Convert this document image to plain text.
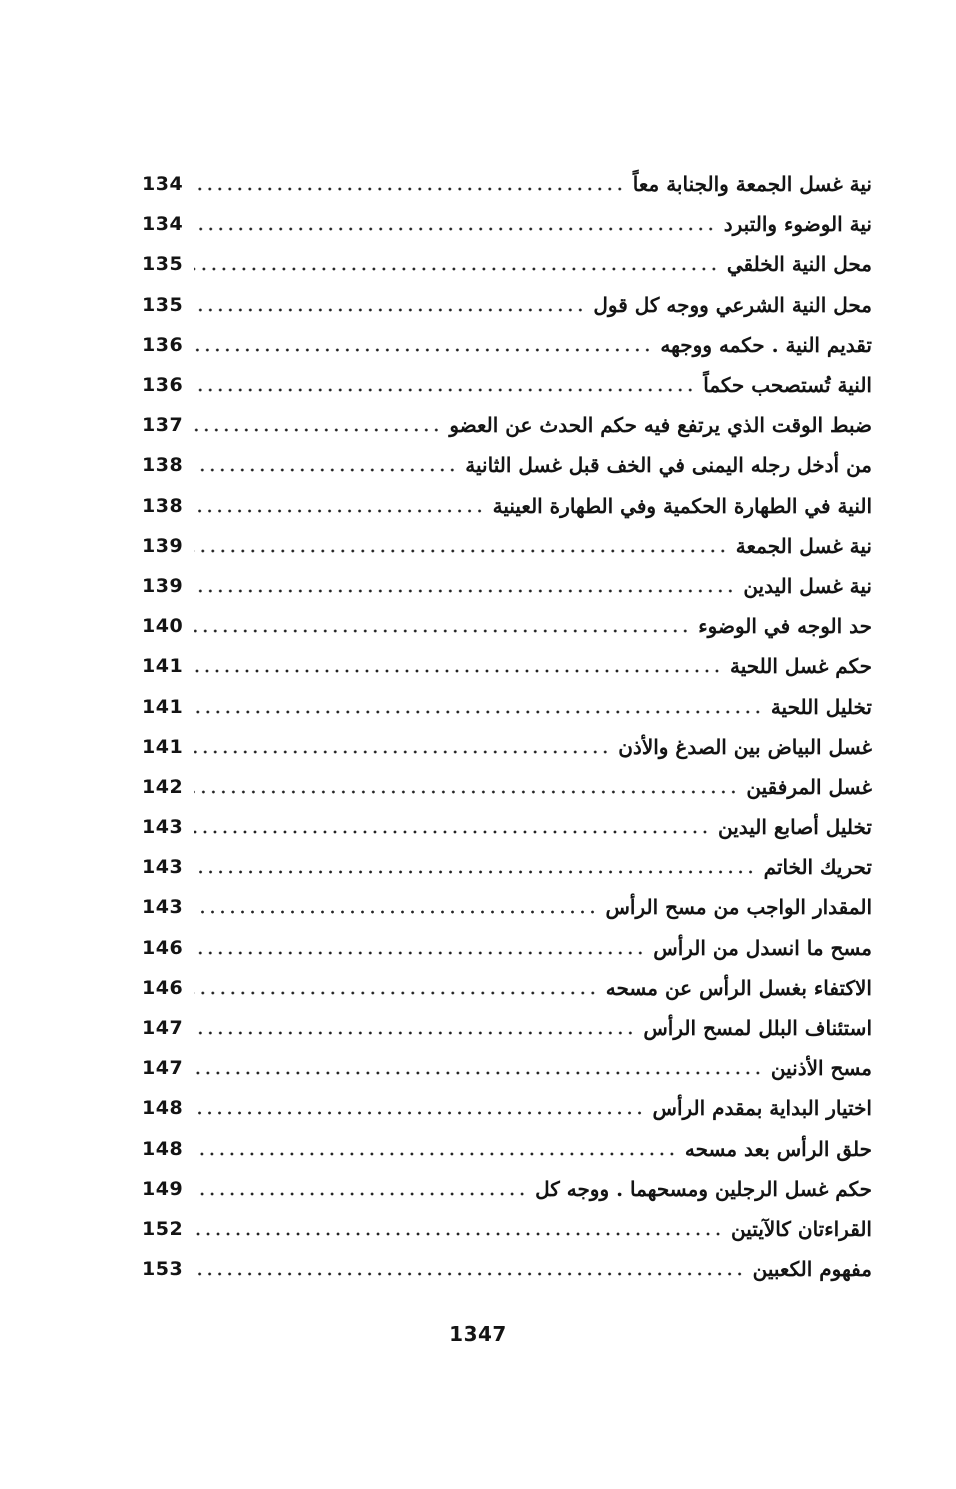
134	نية غسل الجمعة والجنابة معاً
134	نية الوضوء والتبرد
135	محل النية الخلقي
135	محل النية الشرعي ووجه كل قول
136	تقديم النية . حكمه ووجهه
136	النية تُستصحب حكماً
137	ضبط الوقت الذي يرتفع فيه حكم الحدث عن العضو
138	من أدخل رجله اليمنى في الخف قبل غسل الثانية
138	النية في الطهارة الحكمية وفي الطهارة العينية
139	نية غسل الجمعة
139	نية غسل اليدين
140	حد الوجه في الوضوء
141	حكم غسل اللحية
141	تخليل اللحية
141	غسل البياض بين الصدغ والأذن
142	غسل المرفقين
143	تخليل أصابع اليدين
143	تحريك الخاتم
143	المقدار الواجب من مسح الرأس
146	مسح ما انسدل من الرأس
146	الاكتفاء بغسل الرأس عن مسحه
147	استئناف البلل لمسح الرأس
147	مسح الأذنين
148	اختيار البداية بمقدم الرأس
148	حلق الرأس بعد مسحه
149	حكم غسل الرجلين ومسحهما . ووجه كل
152	القراءتان كالآيتين
153	مفهوم الكعبين
1347
